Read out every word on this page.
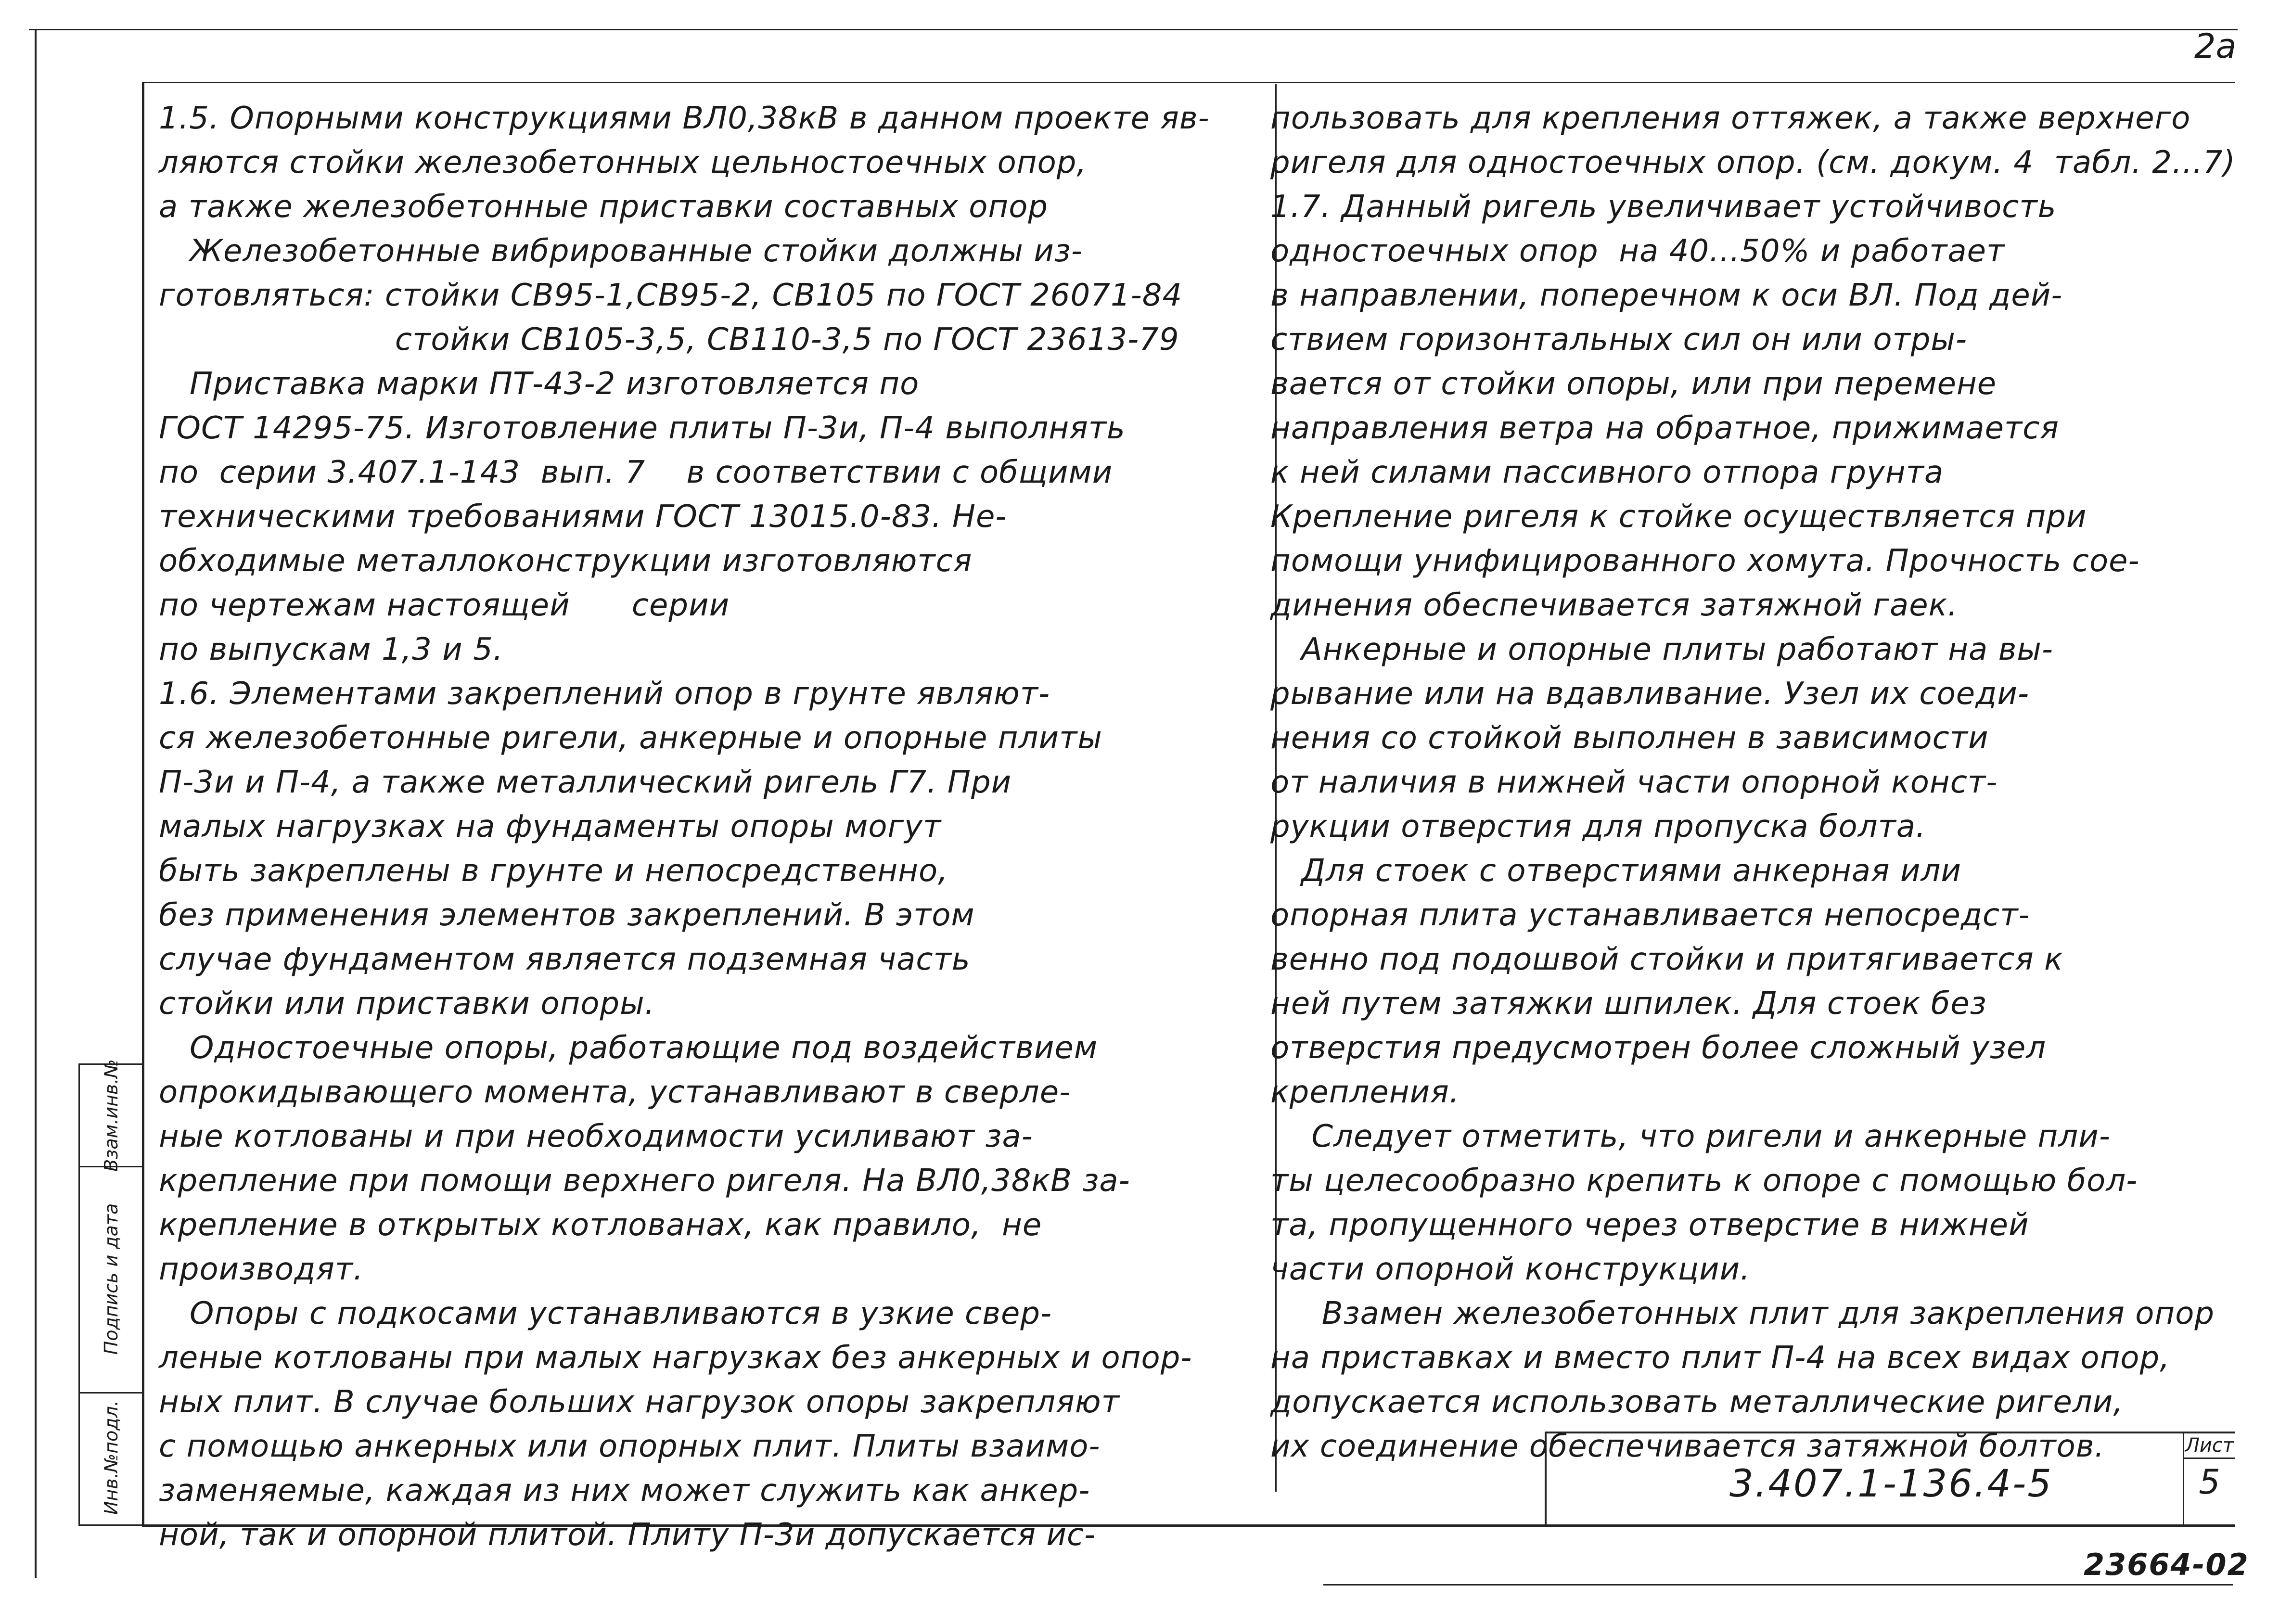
2а

1.5. Опорными конструкциями ВЛ0,38кВ в данном проекте яв-

ляются стойки железобетонных цельностоечных опор,

а также железобетонные приставки составных опор

Железобетонные вибрированные стойки должны из-

готовляться: стойки СВ95-1,СВ95-2, СВ105 по ГОСТ 26071-84

стойки СВ105-3,5, СВ110-3,5 по ГОСТ 23613-79

Приставка марки ПТ-43-2 изготовляется по

ГОСТ 14295-75. Изготовление плиты П-3и, П-4 выполнять

по  серии 3.407.1-143  вып. 7    в соответствии с общими

техническими требованиями ГОСТ 13015.0-83. Не-

обходимые металлоконструкции изготовляются

по чертежам настоящей      серии

по выпускам 1,3 и 5.

1.6. Элементами закреплений опор в грунте являют-

ся железобетонные ригели, анкерные и опорные плиты

П-3и и П-4, а также металлический ригель Г7. При

малых нагрузках на фундаменты опоры могут

быть закреплены в грунте и непосредственно,

без применения элементов закреплений. В этом

случае фундаментом является подземная часть

стойки или приставки опоры.

Одностоечные опоры, работающие под воздействием

опрокидывающего момента, устанавливают в сверле-

ные котлованы и при необходимости усиливают за-

крепление при помощи верхнего ригеля. На ВЛ0,38кВ за-

крепление в открытых котлованах, как правило,  не

производят.

Опоры с подкосами устанавливаются в узкие свер-

леные котлованы при малых нагрузках без анкерных и опор-

ных плит. В случае больших нагрузок опоры закрепляют

с помощью анкерных или опорных плит. Плиты взаимо-

заменяемые, каждая из них может служить как анкер-

ной, так и опорной плитой. Плиту П-3и допускается ис-

пользовать для крепления оттяжек, а также верхнего

ригеля для одностоечных опор. (см. докум. 4  табл. 2...7)

1.7. Данный ригель увеличивает устойчивость

одностоечных опор  на 40...50% и работает

в направлении, поперечном к оси ВЛ. Под дей-

ствием горизонтальных сил он или отры-

вается от стойки опоры, или при перемене

направления ветра на обратное, прижимается

к ней силами пассивного отпора грунта

Крепление ригеля к стойке осуществляется при

помощи унифицированного хомута. Прочность сое-

динения обеспечивается затяжной гаек.

Анкерные и опорные плиты работают на вы-

рывание или на вдавливание. Узел их соеди-

нения со стойкой выполнен в зависимости

от наличия в нижней части опорной конст-

рукции отверстия для пропуска болта.

Для стоек с отверстиями анкерная или

опорная плита устанавливается непосредст-

венно под подошвой стойки и притягивается к

ней путем затяжки шпилек. Для стоек без

отверстия предусмотрен более сложный узел

крепления.

Следует отметить, что ригели и анкерные пли-

ты целесообразно крепить к опоре с помощью бол-

та, пропущенного через отверстие в нижней

части опорной конструкции.

Взамен железобетонных плит для закрепления опор

на приставках и вместо плит П-4 на всех видах опор,

допускается использовать металлические ригели,

их соединение обеспечивается затяжной болтов.

Взам.инв.№
Подпись и дата
Инв.№подл.	3.407.1-136.4-5
Лист
5
23664-02
